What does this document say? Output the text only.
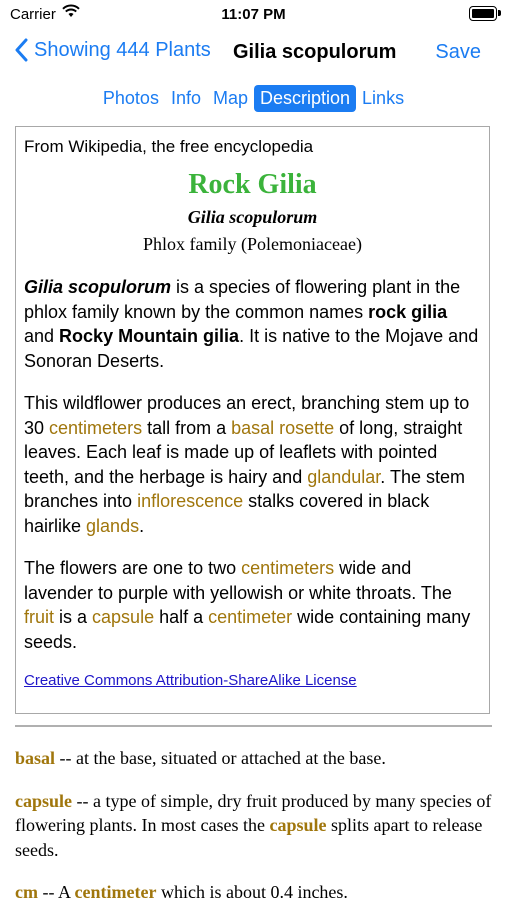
Carrier	11:07 PM
Showing 444 Plants Gilia scopulorum Save
Photos Info Map Description Links

From Wikipedia, the free encyclopedia

Rock Gilia

Gilia scopulorum

Phlox family (Polemoniaceae)

Gilia scopulorum is a species of flowering plant in the phlox family known by the common names rock gilia and Rocky Mountain gilia. It is native to the Mojave and Sonoran Deserts.

This wildflower produces an erect, branching stem up to 30 centimeters tall from a basal rosette of long, straight leaves. Each leaf is made up of leaflets with pointed teeth, and the herbage is hairy and glandular. The stem branches into inflorescence stalks covered in black hairlike glands.

The flowers are one to two centimeters wide and lavender to purple with yellowish or white throats. The fruit is a capsule half a centimeter wide containing many seeds.

Creative Commons Attribution-ShareAlike License

basal -- at the base, situated or attached at the base.

capsule -- a type of simple, dry fruit produced by many species of flowering plants. In most cases the capsule splits apart to release seeds.

cm -- A centimeter which is about 0.4 inches.
